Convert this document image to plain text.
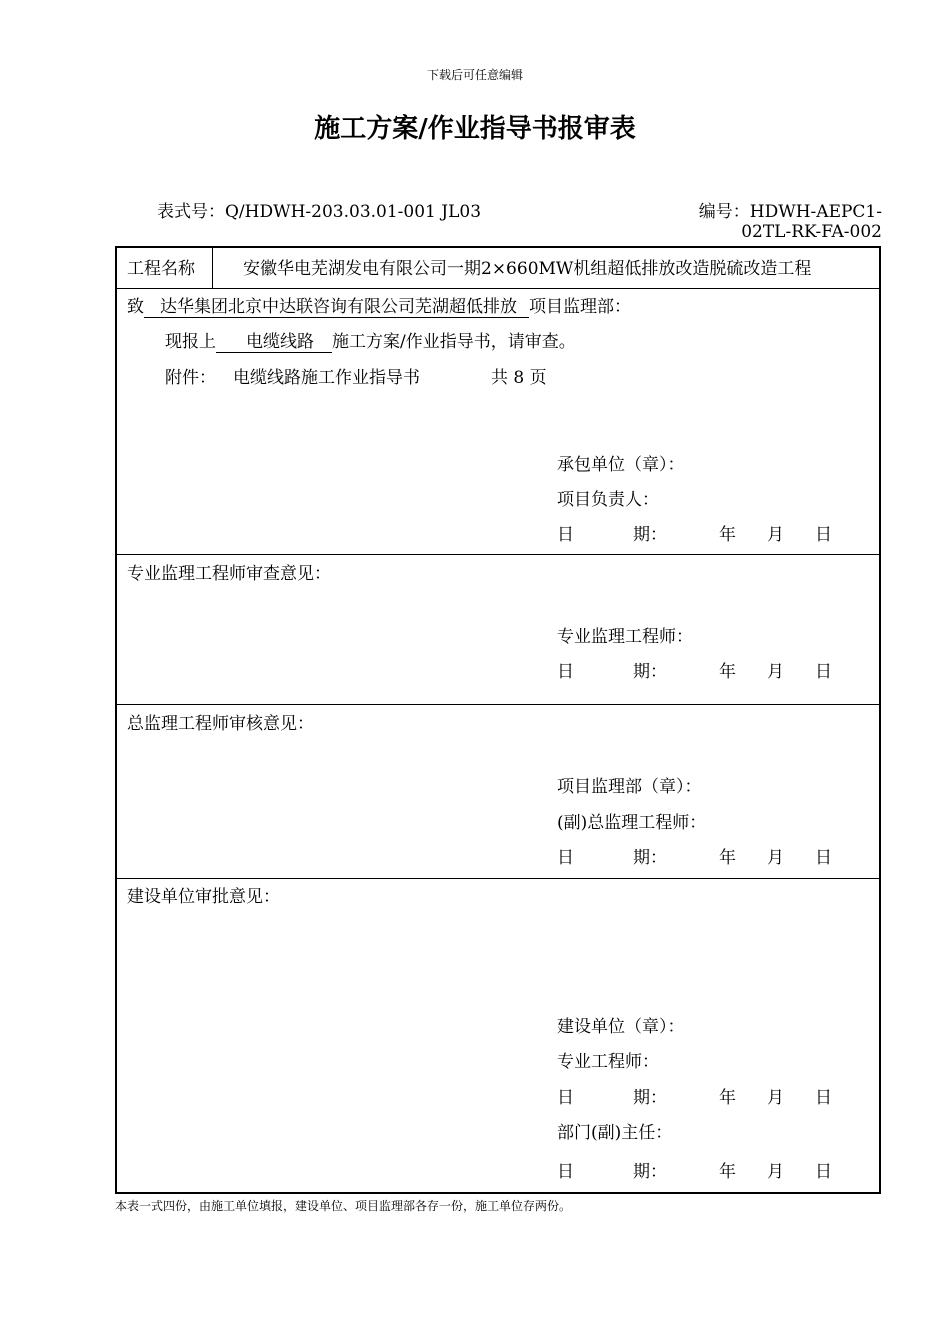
下载后可任意编辑
施工方案/作业指导书报审表
表式号：Q/HDWH-203.03.01-001 JL03	编号：HDWH-AEPC1-
02TL-RK-FA-002
工程名称	安徽华电芜湖发电有限公司一期2×660MW机组超低排放改造脱硫改造工程
致 达华集团北京中达联咨询有限公司芜湖超低排放 项目监理部：
现报上 电缆线路 施工方案/作业指导书，请审查。
附件： 电缆线路施工作业指导书	共 8 页
承包单位（章）：
项目负责人：
日	期：	年 月 日
专业监理工程师审查意见：
专业监理工程师：
日	期：	年 月 日
总监理工程师审核意见：
项目监理部（章）：
(副)总监理工程师：
日	期：	年 月 日
建设单位审批意见：
建设单位（章）：
专业工程师：
日	期：	年 月 日
部门(副)主任：
日	期：	年 月 日
本表一式四份，由施工单位填报，建设单位、项目监理部各存一份，施工单位存两份。
